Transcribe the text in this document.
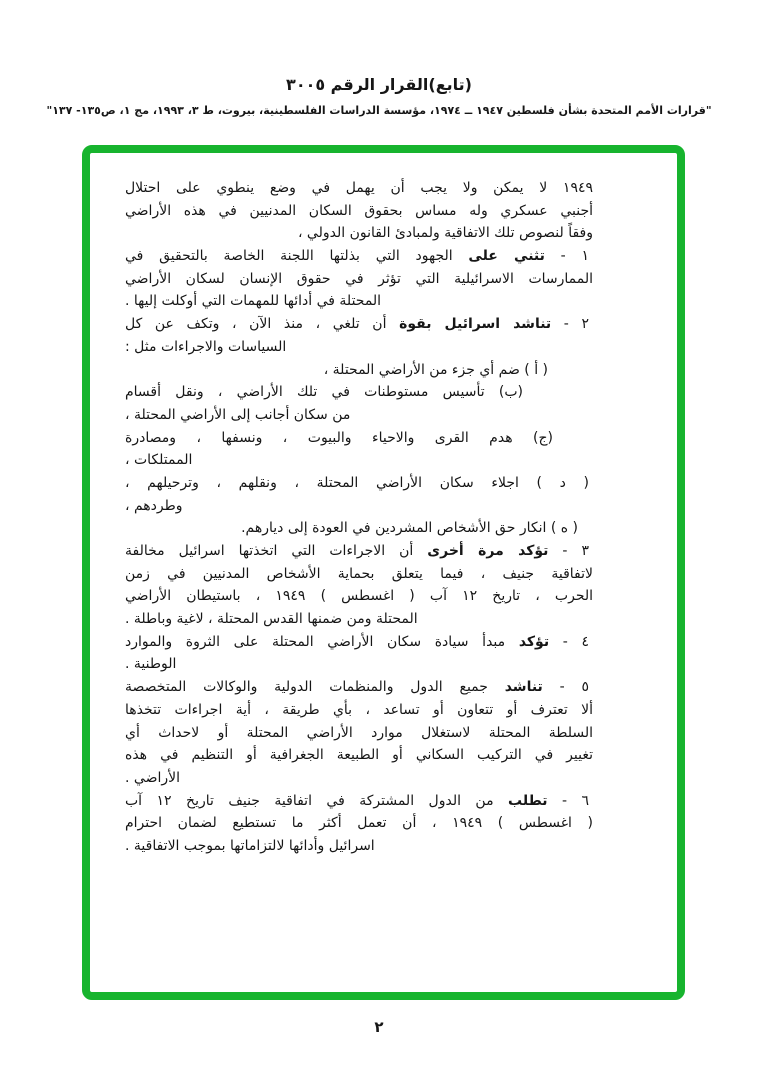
(تابع)القرار الرقم ٣٠٠٥
"قرارات الأمم المتحدة بشأن فلسطين ١٩٤٧ ــ ١٩٧٤، مؤسسة الدراسات الفلسطينية، بيروت، ط ٣، ١٩٩٣، مج ١، ص١٣٥- ١٣٧"
١٩٤٩ لا يمكن ولا يجب أن يهمل في وضع ينطوي على احتلال
أجنبي عسكري وله مساس بحقوق السكان المدنيين في هذه الأراضي
وفقاً لنصوص تلك الاتفاقية ولمبادئ القانون الدولي ،
١ - تثني على الجهود التي بذلتها اللجنة الخاصة بالتحقيق في
الممارسات الاسرائيلية التي تؤثر في حقوق الإنسان لسكان الأراضي
المحتلة في أدائها للمهمات التي أوكلت إليها .
٢ - تناشد اسرائيل بقوة أن تلغي ، منذ الآن ، وتكف عن كل
السياسات والاجراءات مثل :
( أ ) ضم أي جزء من الأراضي المحتلة ،
(ب) تأسيس مستوطنات في تلك الأراضي ، ونقل أقسام
من سكان أجانب إلى الأراضي المحتلة ،
(ج) هدم القرى والاحياء والبيوت ، ونسفها ، ومصادرة
الممتلكات ،
( د ) اجلاء سكان الأراضي المحتلة ، ونقلهم ، وترحيلهم ،
وطردهم ،
( ه ) انكار حق الأشخاص المشردين في العودة إلى ديارهم.
٣ - تؤكد مرة أخرى أن الاجراءات التي اتخذتها اسرائيل مخالفة
لاتفاقية جنيف ، فيما يتعلق بحماية الأشخاص المدنيين في زمن
الحرب ، تاريخ ١٢ آب ( اغسطس ) ١٩٤٩ ، باستيطان الأراضي
المحتلة ومن ضمنها القدس المحتلة ، لاغية وباطلة .
٤ - تؤكد مبدأ سيادة سكان الأراضي المحتلة على الثروة والموارد
الوطنية .
٥ - تناشد جميع الدول والمنظمات الدولية والوكالات المتخصصة
ألا تعترف أو تتعاون أو تساعد ، بأي طريقة ، أية اجراءات تتخذها
السلطة المحتلة لاستغلال موارد الأراضي المحتلة أو لاحداث أي
تغيير في التركيب السكاني أو الطبيعة الجغرافية أو التنظيم في هذه
الأراضي .
٦ - تطلب من الدول المشتركة في اتفاقية جنيف تاريخ ١٢ آب
( اغسطس ) ١٩٤٩ ، أن تعمل أكثر ما تستطيع لضمان احترام
اسرائيل وأدائها لالتزاماتها بموجب الاتفاقية .
٢
